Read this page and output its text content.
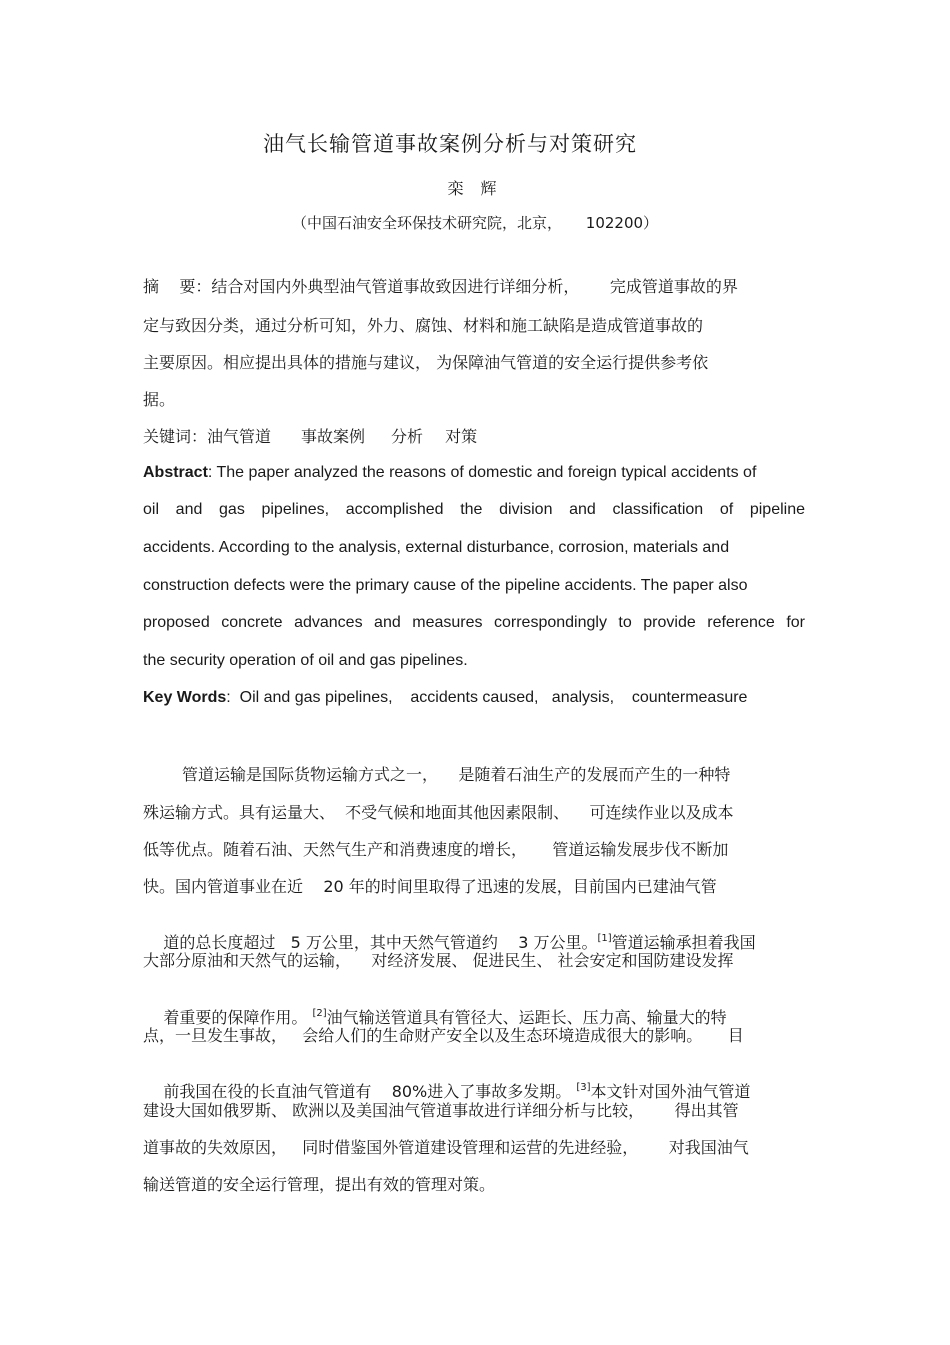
油气长输管道事故案例分析与对策研究
栾 辉
（中国石油安全环保技术研究院，北京，     102200）
摘    要：结合对国内外典型油气管道事故致因进行详细分析，      完成管道事故的界
定与致因分类，通过分析可知，外力、腐蚀、材料和施工缺陷是造成管道事故的
主要原因。相应提出具体的措施与建议， 为保障油气管道的安全运行提供参考依
据。
关键词：油气管道 事故案例 分析 对策
Abstract: The paper analyzed the reasons of domestic and foreign typical accidents of
oil and gas pipelines, accomplished the division and classification of pipeline
accidents. According to the analysis, external disturbance, corrosion, materials and
construction defects were the primary cause of the pipeline accidents. The paper also
proposed concrete advances and measures correspondingly to provide reference for
the security operation of oil and gas pipelines.
Key Words:  Oil and gas pipelines,    accidents caused,   analysis,    countermeasure
管道运输是国际货物运输方式之一，    是随着石油生产的发展而产生的一种特
殊运输方式。具有运量大、  不受气候和地面其他因素限制、    可连续作业以及成本
低等优点。随着石油、天然气生产和消费速度的增长，     管道运输发展步伐不断加
快。国内管道事业在近    20 年的时间里取得了迅速的发展，目前国内已建油气管

道的总长度超过   5 万公里，其中天然气管道约    3 万公里。[1]管道运输承担着我国

大部分原油和天然气的运输，    对经济发展、 促进民生、 社会安定和国防建设发挥

着重要的保障作用。 [2]油气输送管道具有管径大、运距长、压力高、输量大的特

点，一旦发生事故，   会给人们的生命财产安全以及生态环境造成很大的影响。     目

前我国在役的长直油气管道有    80%进入了事故多发期。 [3]本文针对国外油气管道

建设大国如俄罗斯、 欧洲以及美国油气管道事故进行详细分析与比较，      得出其管
道事故的失效原因，   同时借鉴国外管道建设管理和运营的先进经验，      对我国油气
输送管道的安全运行管理，提出有效的管理对策。
